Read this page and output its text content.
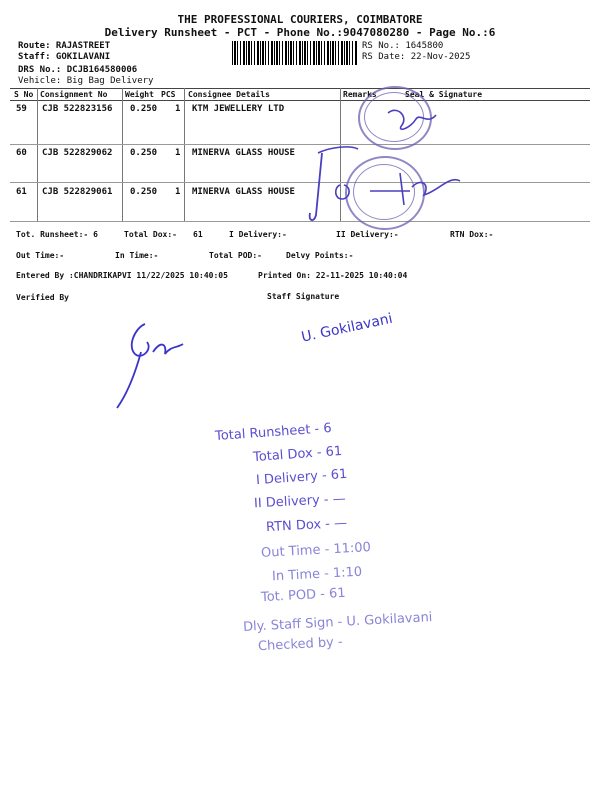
THE PROFESSIONAL COURIERS, COIMBATORE
Delivery Runsheet - PCT - Phone No.:9047080280 - Page No.:6
Route: RAJASTREET
Staff: GOKILAVANI
DRS No.: DCJB164580006
Vehicle: Big Bag Delivery
RS No.: 1645800
RS Date: 22-Nov-2025
S No Consignment No Weight PCS Consignee Details	Remarks	Seal & Signature
59 CJB 522823156 0.250 1 KTM JEWELLERY LTD
60 CJB 522829062 0.250 1 MINERVA GLASS HOUSE
61 CJB 522829061 0.250 1 MINERVA GLASS HOUSE
Tot. Runsheet:- 6	Total Dox:- 61	I Delivery:-	II Delivery:-	RTN Dox:-
Out Time:-	In Time:-	Total POD:-	Delvy Points:-
Entered By :CHANDRIKAPVI 11/22/2025 10:40:05	Printed On: 22-11-2025 10:40:04
Verified By	Staff Signature
U. Gokilavani
Total Runsheet - 6
Total Dox - 61
I Delivery - 61
II Delivery - —
RTN Dox - —
Out Time - 11:00
In Time - 1:10
Tot. POD - 61
Dly. Staff Sign - U. Gokilavani
Checked by -
